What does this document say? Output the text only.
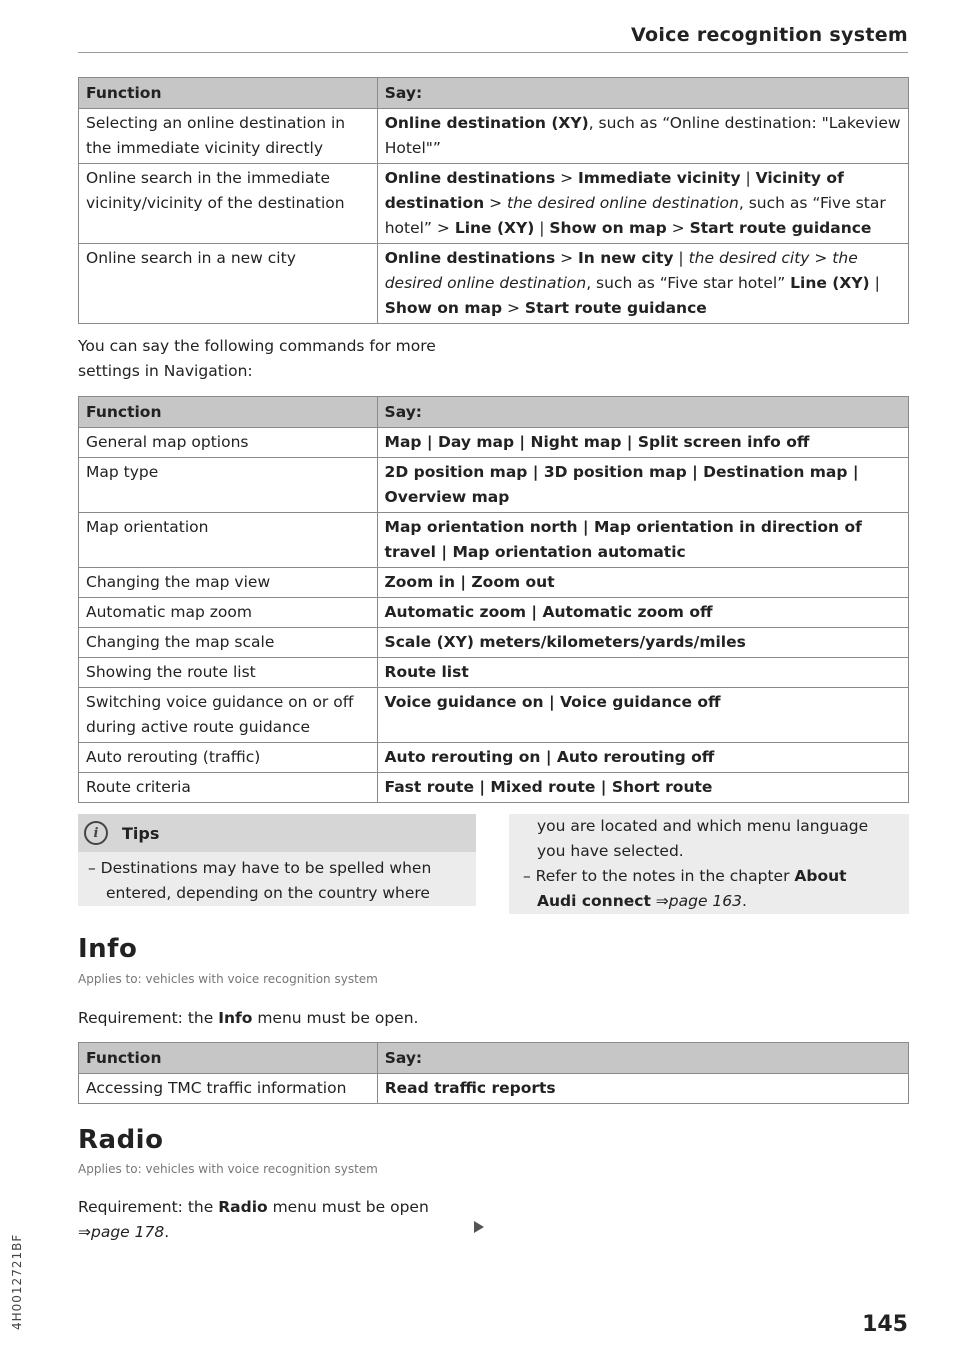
Voice recognition system
Function	Say:
Selecting an online destination in the immediate vicinity directly	Online destination (XY), such as “Online destination: "Lakeview Hotel"”
Online search in the immediate vicinity/vicinity of the destination	Online destinations > Immediate vicinity | Vicinity of destination > the desired online destination, such as “Five star hotel” > Line (XY) | Show on map > Start route guidance
Online search in a new city	Online destinations > In new city | the desired city > the desired online destination, such as “Five star hotel” Line (XY) | Show on map > Start route guidance
You can say the following commands for more settings in Navigation:
Function	Say:
General map options	Map | Day map | Night map | Split screen info off
Map type	2D position map | 3D position map | Destination map | Overview map
Map orientation	Map orientation north | Map orientation in direction of travel | Map orientation automatic
Changing the map view	Zoom in | Zoom out
Automatic map zoom	Automatic zoom | Automatic zoom off
Changing the map scale	Scale (XY) meters/kilometers/yards/miles
Showing the route list	Route list
Switching voice guidance on or off during active route guidance	Voice guidance on | Voice guidance off
Auto rerouting (traffic)	Auto rerouting on | Auto rerouting off
Route criteria	Fast route | Mixed route | Short route
i	Tips
– Destinations may have to be spelled when
entered, depending on the country where
you are located and which menu language
you have selected.
– Refer to the notes in the chapter About
Audi connect ⇒page 163.
Info
Applies to: vehicles with voice recognition system
Requirement: the Info menu must be open.
Function	Say:
Accessing TMC traffic information	Read traffic reports
Radio
Applies to: vehicles with voice recognition system
Requirement: the Radio menu must be open
⇒page 178.
4H0012721BF	145
